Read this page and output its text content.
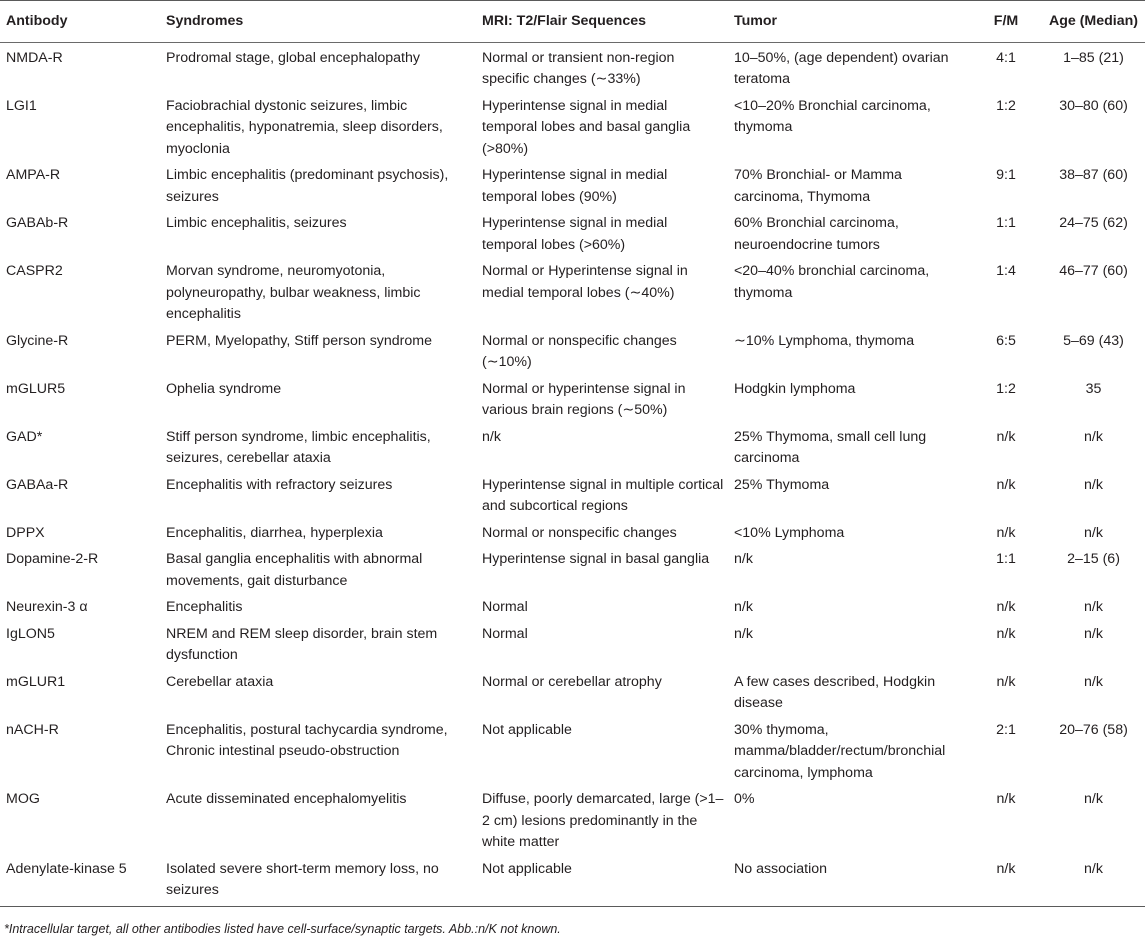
Antibody	Syndromes	MRI: T2/Flair Sequences	Tumor	F/M	Age (Median)
NMDA-R	Prodromal stage, global encephalopathy	Normal or transient non-region specific changes (∼33%)	10–50%, (age dependent) ovarian teratoma	4:1	1–85 (21)
LGI1	Faciobrachial dystonic seizures, limbic encephalitis, hyponatremia, sleep disorders, myoclonia	Hyperintense signal in medial temporal lobes and basal ganglia (>80%)	<10–20% Bronchial carcinoma, thymoma	1:2	30–80 (60)
AMPA-R	Limbic encephalitis (predominant psychosis), seizures	Hyperintense signal in medial temporal lobes (90%)	70% Bronchial- or Mamma carcinoma, Thymoma	9:1	38–87 (60)
GABAb-R	Limbic encephalitis, seizures	Hyperintense signal in medial temporal lobes (>60%)	60% Bronchial carcinoma, neuroendocrine tumors	1:1	24–75 (62)
CASPR2	Morvan syndrome, neuromyotonia, polyneuropathy, bulbar weakness, limbic encephalitis	Normal or Hyperintense signal in medial temporal lobes (∼40%)	<20–40% bronchial carcinoma, thymoma	1:4	46–77 (60)
Glycine-R	PERM, Myelopathy, Stiff person syndrome	Normal or nonspecific changes (∼10%)	∼10% Lymphoma, thymoma	6:5	5–69 (43)
mGLUR5	Ophelia syndrome	Normal or hyperintense signal in various brain regions (∼50%)	Hodgkin lymphoma	1:2	35
GAD*	Stiff person syndrome, limbic encephalitis, seizures, cerebellar ataxia	n/k	25% Thymoma, small cell lung carcinoma	n/k	n/k
GABAa-R	Encephalitis with refractory seizures	Hyperintense signal in multiple cortical and subcortical regions	25% Thymoma	n/k	n/k
DPPX	Encephalitis, diarrhea, hyperplexia	Normal or nonspecific changes	<10% Lymphoma	n/k	n/k
Dopamine-2-R	Basal ganglia encephalitis with abnormal movements, gait disturbance	Hyperintense signal in basal ganglia	n/k	1:1	2–15 (6)
Neurexin-3 α	Encephalitis	Normal	n/k	n/k	n/k
IgLON5	NREM and REM sleep disorder, brain stem dysfunction	Normal	n/k	n/k	n/k
mGLUR1	Cerebellar ataxia	Normal or cerebellar atrophy	A few cases described, Hodgkin disease	n/k	n/k
nACH-R	Encephalitis, postural tachycardia syndrome, Chronic intestinal pseudo-obstruction	Not applicable	30% thymoma, mamma/bladder/rectum/bronchial carcinoma, lymphoma	2:1	20–76 (58)
MOG	Acute disseminated encephalomyelitis	Diffuse, poorly demarcated, large (>1–2 cm) lesions predominantly in the white matter	0%	n/k	n/k
Adenylate-kinase 5	Isolated severe short-term memory loss, no seizures	Not applicable	No association	n/k	n/k
*Intracellular target, all other antibodies listed have cell-surface/synaptic targets. Abb.:n/K not known.
